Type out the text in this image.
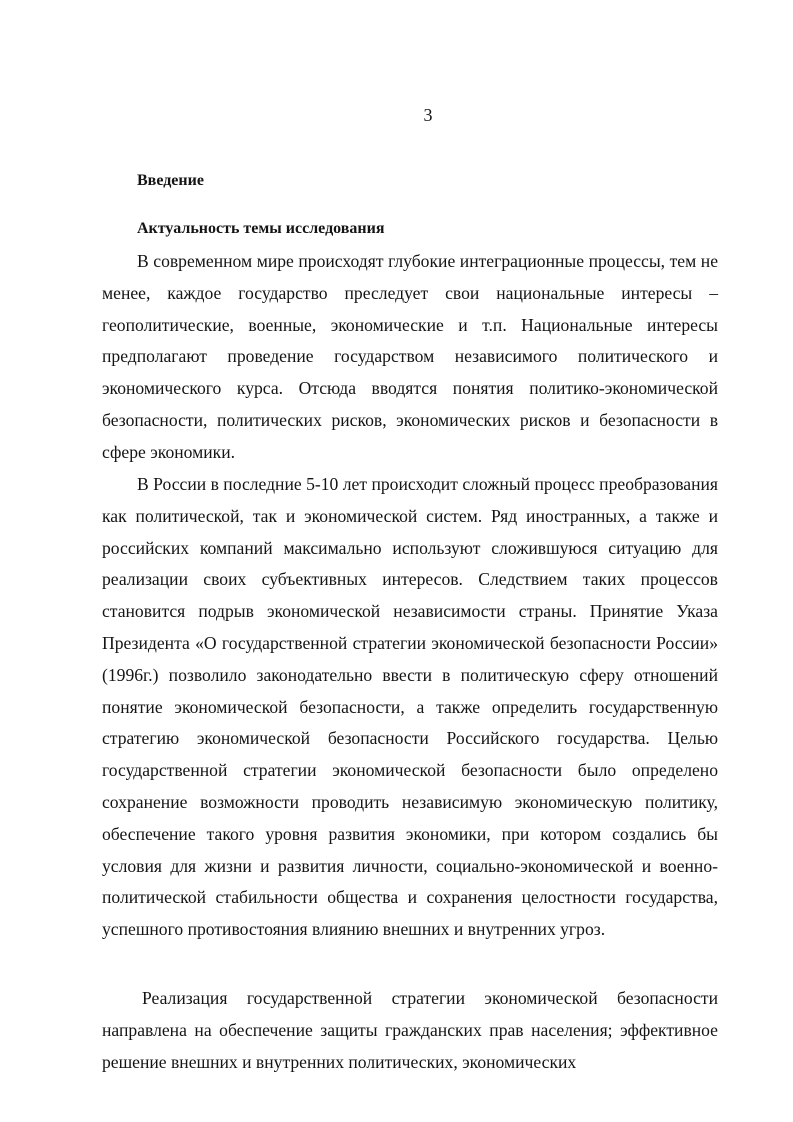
3
Введение
Актуальность темы исследования

В современном мире происходят глубокие интеграционные процессы, тем не менее, каждое государство преследует свои национальные интересы – геополитические, военные, экономические и т.п. Национальные интересы предполагают проведение государством независимого политического и экономического курса. Отсюда вводятся понятия политико-экономической безопасности, политических рисков, экономических рисков и безопасности в сфере экономики.

В России в последние 5-10 лет происходит сложный процесс преобразования как политической, так и экономической систем. Ряд иностранных, а также и российских компаний максимально используют сложившуюся ситуацию для реализации своих субъективных интересов. Следствием таких процессов становится подрыв экономической независимости страны. Принятие Указа Президента «О государственной стратегии экономической безопасности России» (1996г.) позволило законодательно ввести в политическую сферу отношений понятие экономической безопасности, а также определить государственную стратегию экономической безопасности Российского государства. Целью государственной стратегии экономической безопасности было определено сохранение возможности проводить независимую экономическую политику, обеспечение такого уровня развития экономики, при котором создались бы условия для жизни и развития личности, социально-экономической и военно-политической стабильности общества и сохранения целостности государства, успешного противостояния влиянию внешних и внутренних угроз.

Реализация государственной стратегии экономической безопасности направлена на обеспечение защиты гражданских прав населения; эффективное решение внешних и внутренних политических, экономических
